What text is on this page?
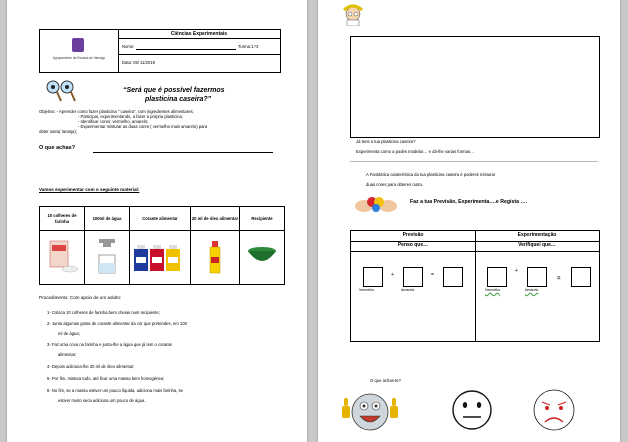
Agrupamento de Escolas de Valongo
Ciências Experimentais
Nome:	Turma:1.º3
Data: 05/ 11/2019
“Será que é possível fazermos
plasticina caseira?”
Objetivo: - Aprender como fazer plasticina " caseira", com ingredientes alimentares;
- Participar, experimentando, a fazer a própria plasticina;
- Identificar cores: vermelho, amarelo;
- Experimentar misturar as duas cores ( vermelho mais amarelo) para
obter outra( laranja);
O que achas?
Vamos experimentar com o seguinte material:
10 colheres de farinha	100ml de água	Corante alimentar	20 ml de óleo alimentar	Recipiente

Procedimento: Com apoio de um adulto:
1- Coloca 10 colheres de farinha bem cheias num recipiente;
2- Junta algumas gotas de corante alimentar da cor que pretendes, em 100
ml de água;
3- Faz uma cova na farinha e junta-lhe a água que já tem o corante
alimentar;
4- Depois adiciona-lhe 20 ml de óleo alimentar;
5- Por fim, mistura tudo, até ficar uma massa bem homogénea;
6- No fim, se a massa estiver um pouco líquida, adiciona mais farinha, se
estiver muito seca adiciona um pouco de água.
Já tens a tua plasticina caseira?
Experimenta como a podes modelar… e dá-lhe varias formas…
A Fantástica caraterística da tua plasticina caseira é poderes misturar
duas cores para obteres outra.
Faz a tua Previsão, Experimenta….e Regista ….
Previsão	Experimentação
Penso que…	Verifiquei que…
+	=
Vermelho	Amarelo
+
=
Vermelho	Amarelo
O que achas-te?
